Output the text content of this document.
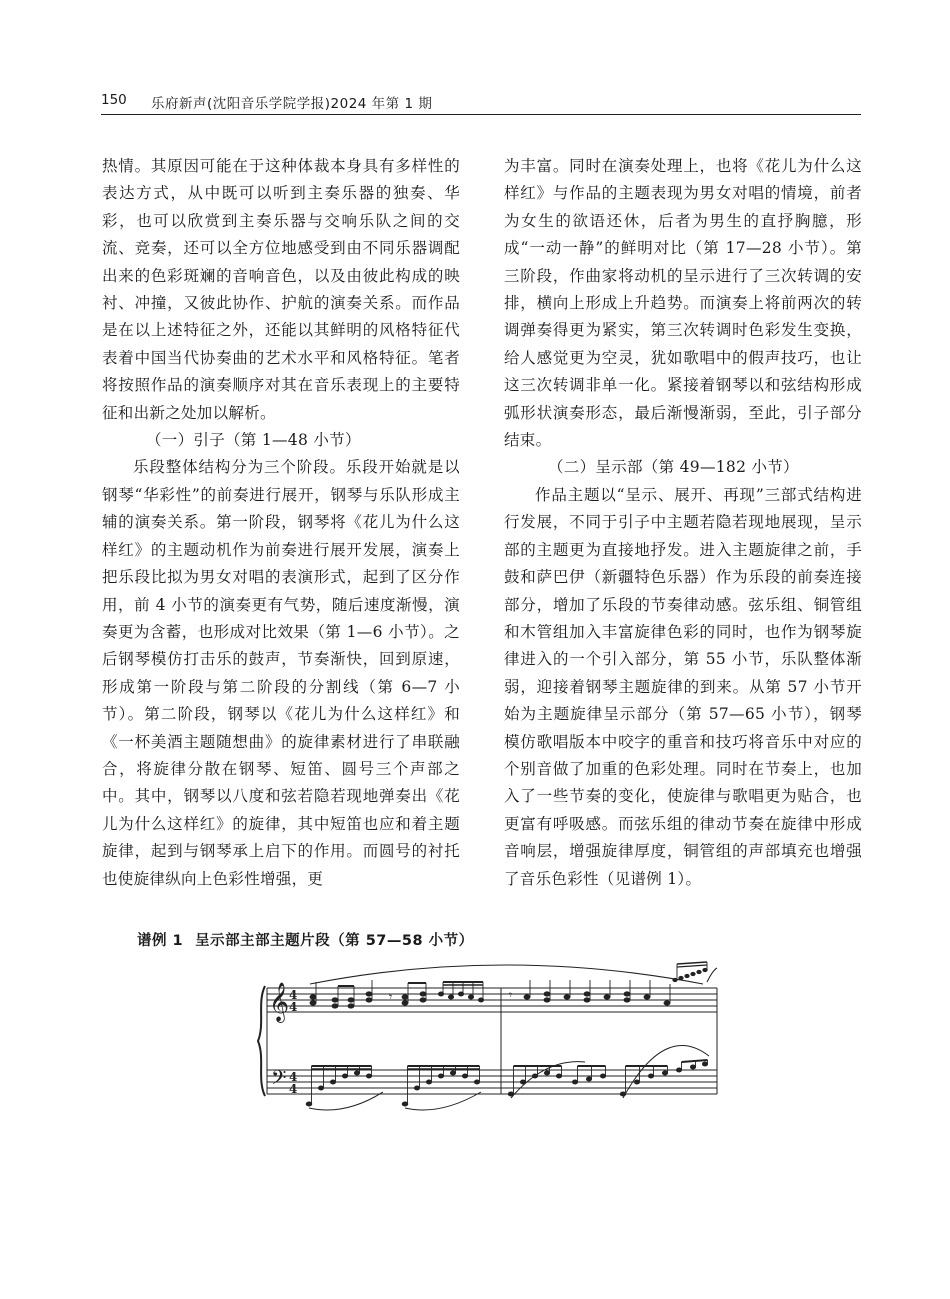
150 乐府新声(沈阳音乐学院学报)2024 年第 1 期

热情。其原因可能在于这种体裁本身具有多样性的表达方式，从中既可以听到主奏乐器的独奏、华彩，也可以欣赏到主奏乐器与交响乐队之间的交流、竞奏，还可以全方位地感受到由不同乐器调配出来的色彩斑斓的音响音色，以及由彼此构成的映衬、冲撞，又彼此协作、护航的演奏关系。而作品是在以上述特征之外，还能以其鲜明的风格特征代表着中国当代协奏曲的艺术水平和风格特征。笔者将按照作品的演奏顺序对其在音乐表现上的主要特征和出新之处加以解析。

（一）引子（第 1—48 小节）

乐段整体结构分为三个阶段。乐段开始就是以钢琴“华彩性”的前奏进行展开，钢琴与乐队形成主辅的演奏关系。第一阶段，钢琴将《花儿为什么这样红》的主题动机作为前奏进行展开发展，演奏上把乐段比拟为男女对唱的表演形式，起到了区分作用，前 4 小节的演奏更有气势，随后速度渐慢，演奏更为含蓄，也形成对比效果（第 1—6 小节）。之后钢琴模仿打击乐的鼓声，节奏渐快，回到原速，形成第一阶段与第二阶段的分割线（第 6—7 小节）。第二阶段，钢琴以《花儿为什么这样红》和《一杯美酒主题随想曲》的旋律素材进行了串联融合，将旋律分散在钢琴、短笛、圆号三个声部之中。其中，钢琴以八度和弦若隐若现地弹奏出《花儿为什么这样红》的旋律，其中短笛也应和着主题旋律，起到与钢琴承上启下的作用。而圆号的衬托也使旋律纵向上色彩性增强，更

为丰富。同时在演奏处理上，也将《花儿为什么这样红》与作品的主题表现为男女对唱的情境，前者为女生的欲语还休，后者为男生的直抒胸臆，形成“一动一静”的鲜明对比（第 17—28 小节）。第三阶段，作曲家将动机的呈示进行了三次转调的安排，横向上形成上升趋势。而演奏上将前两次的转调弹奏得更为紧实，第三次转调时色彩发生变换，给人感觉更为空灵，犹如歌唱中的假声技巧，也让这三次转调非单一化。紧接着钢琴以和弦结构形成弧形状演奏形态，最后渐慢渐弱，至此，引子部分结束。

（二）呈示部（第 49—182 小节）

作品主题以“呈示、展开、再现”三部式结构进行发展，不同于引子中主题若隐若现地展现，呈示部的主题更为直接地抒发。进入主题旋律之前，手鼓和萨巴伊（新疆特色乐器）作为乐段的前奏连接部分，增加了乐段的节奏律动感。弦乐组、铜管组和木管组加入丰富旋律色彩的同时，也作为钢琴旋律进入的一个引入部分，第 55 小节，乐队整体渐弱，迎接着钢琴主题旋律的到来。从第 57 小节开始为主题旋律呈示部分（第 57—65 小节），钢琴模仿歌唱版本中咬字的重音和技巧将音乐中对应的个别音做了加重的色彩处理。同时在节奏上，也加入了一些节奏的变化，使旋律与歌唱更为贴合，也更富有呼吸感。而弦乐组的律动节奏在旋律中形成音响层，增强旋律厚度，铜管组的声部填充也增强了音乐色彩性（见谱例 1）。

谱例 1 呈示部主部主题片段（第 57—58 小节）
𝄞
𝄢
4
4
4
4
𝄾	𝄾
